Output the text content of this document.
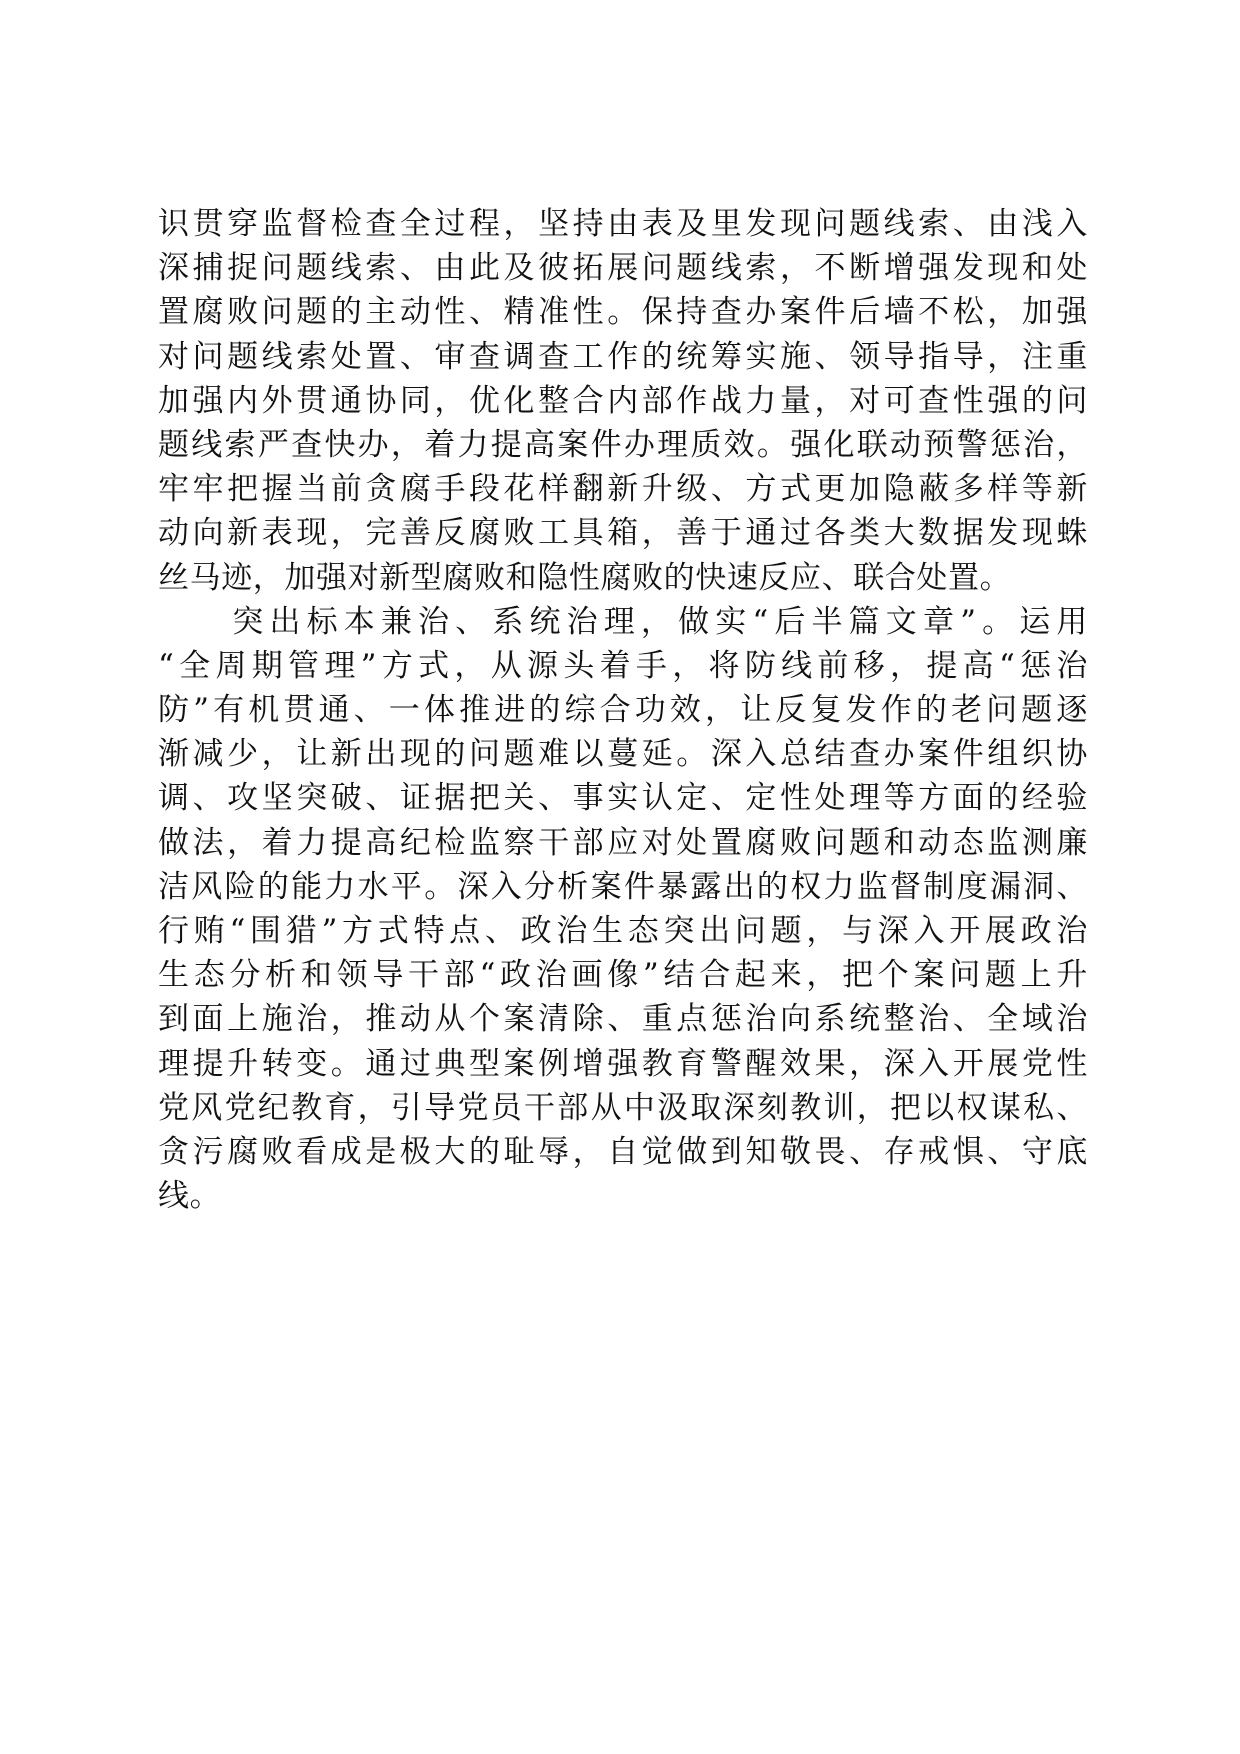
识贯穿监督检查全过程，坚持由表及里发现问题线索、由浅入
深捕捉问题线索、由此及彼拓展问题线索，不断增强发现和处
置腐败问题的主动性、精准性。保持查办案件后墙不松，加强
对问题线索处置、审查调查工作的统筹实施、领导指导，注重
加强内外贯通协同，优化整合内部作战力量，对可查性强的问
题线索严查快办，着力提高案件办理质效。强化联动预警惩治，
牢牢把握当前贪腐手段花样翻新升级、方式更加隐蔽多样等新
动向新表现，完善反腐败工具箱，善于通过各类大数据发现蛛
丝马迹，加强对新型腐败和隐性腐败的快速反应、联合处置。
　　突出标本兼治、系统治理，做实“后半篇文章”。运用
“全周期管理”方式，从源头着手，将防线前移，提高“惩治
防”有机贯通、一体推进的综合功效，让反复发作的老问题逐
渐减少，让新出现的问题难以蔓延。深入总结查办案件组织协
调、攻坚突破、证据把关、事实认定、定性处理等方面的经验
做法，着力提高纪检监察干部应对处置腐败问题和动态监测廉
洁风险的能力水平。深入分析案件暴露出的权力监督制度漏洞、
行贿“围猎”方式特点、政治生态突出问题，与深入开展政治
生态分析和领导干部“政治画像”结合起来，把个案问题上升
到面上施治，推动从个案清除、重点惩治向系统整治、全域治
理提升转变。通过典型案例增强教育警醒效果，深入开展党性
党风党纪教育，引导党员干部从中汲取深刻教训，把以权谋私、
贪污腐败看成是极大的耻辱，自觉做到知敬畏、存戒惧、守底
线。
